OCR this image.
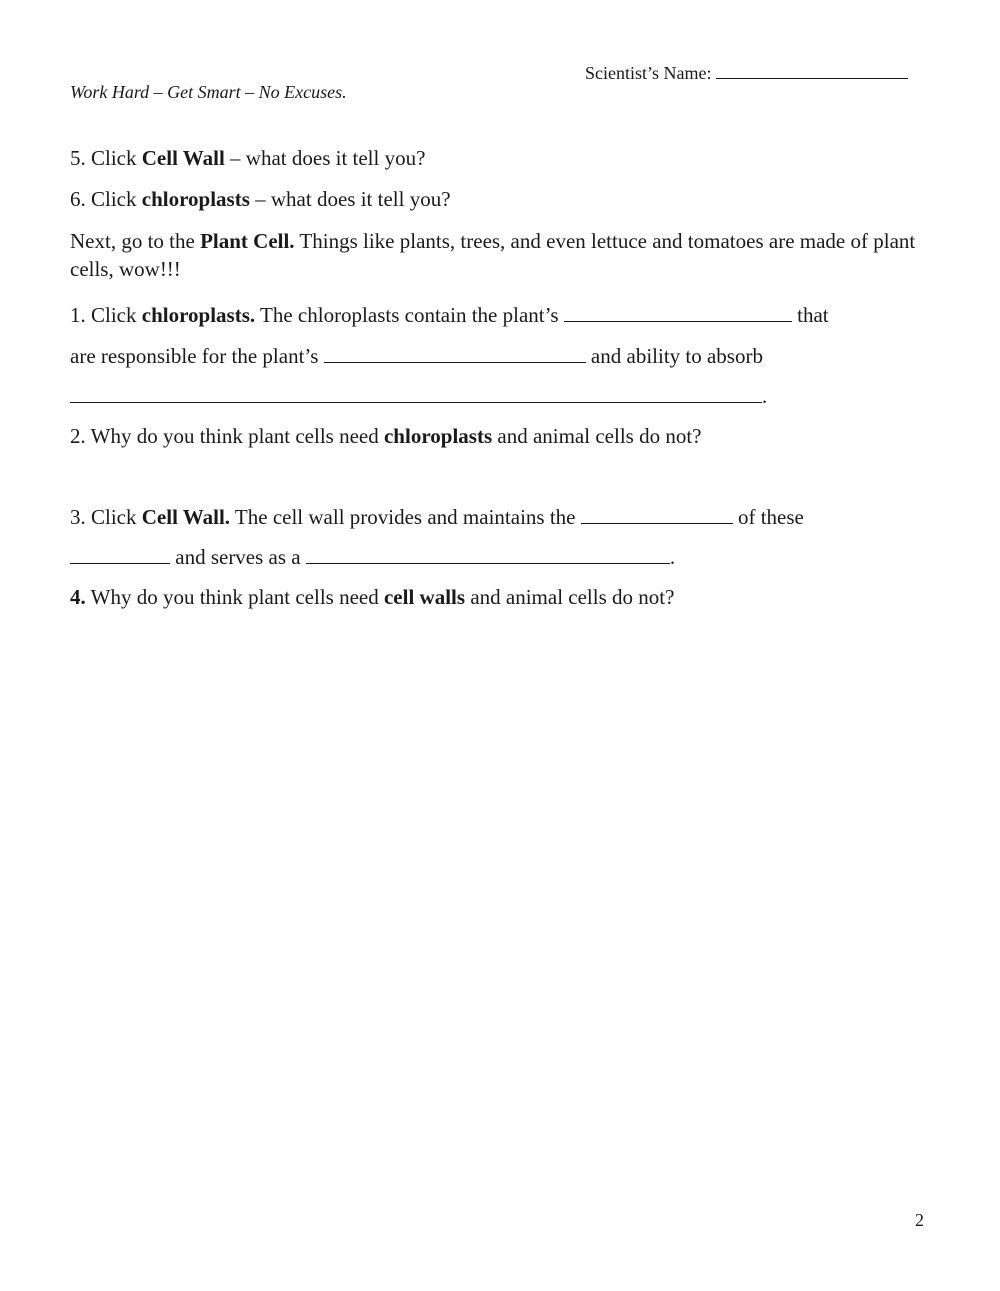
Scientist’s Name:
Work Hard – Get Smart – No Excuses.
5. Click Cell Wall – what does it tell you?
6. Click chloroplasts – what does it tell you?
Next, go to the Plant Cell. Things like plants, trees, and even lettuce and tomatoes are made of plant cells, wow!!!
1. Click chloroplasts. The chloroplasts contain the plant’s	that
are responsible for the plant’s	and ability to absorb
.
2. Why do you think plant cells need chloroplasts and animal cells do not?
3. Click Cell Wall. The cell wall provides and maintains the	of these
and serves as a	.
4. Why do you think plant cells need cell walls and animal cells do not?
2
